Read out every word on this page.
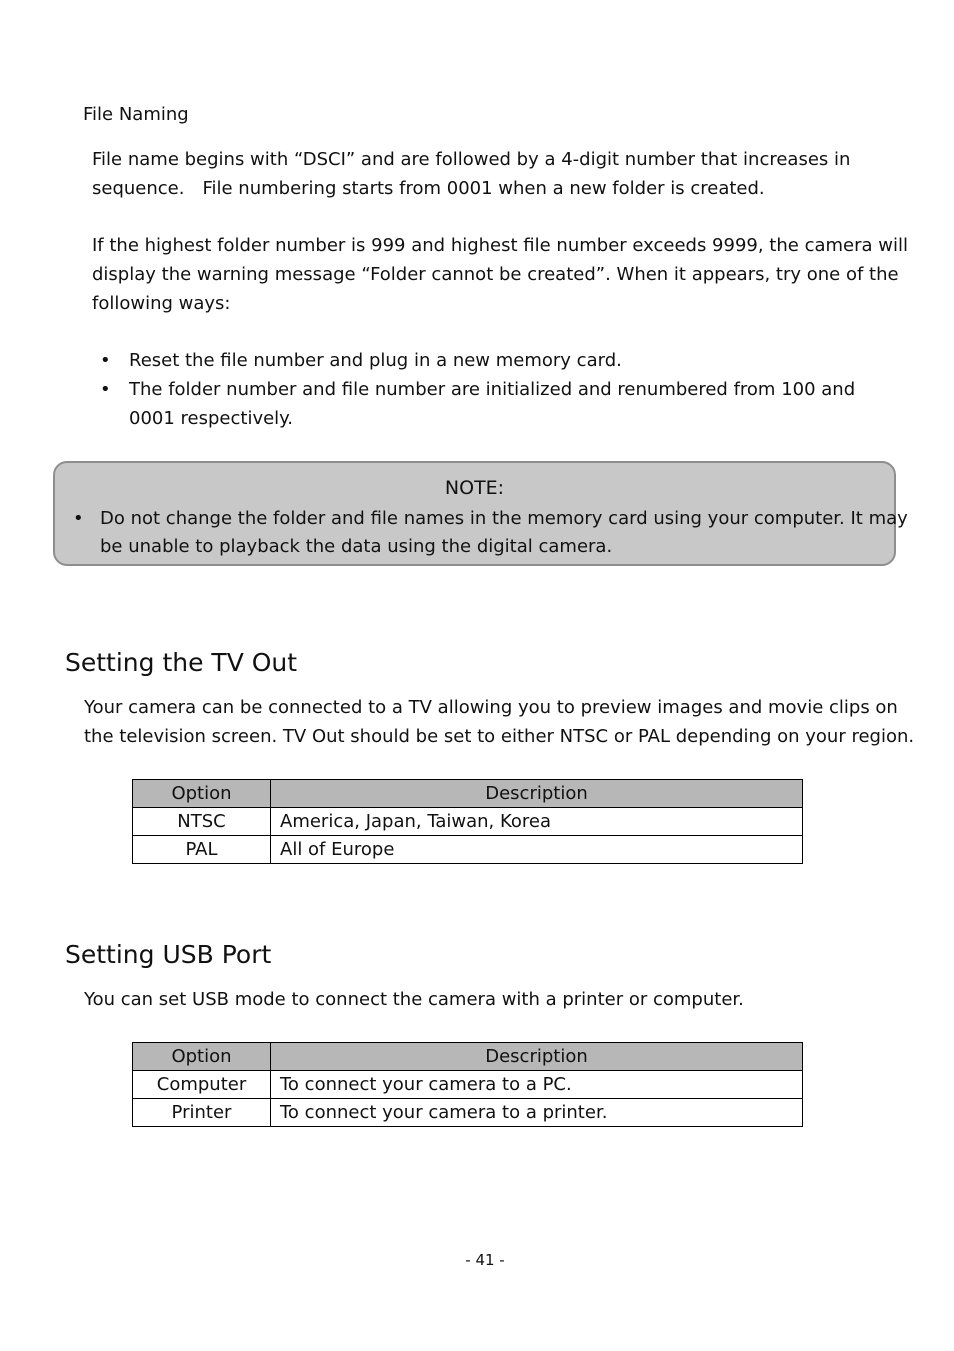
File Naming

File name begins with “DSCI” and are followed by a 4-digit number that increases in sequence. File numbering starts from 0001 when a new folder is created.

If the highest folder number is 999 and highest file number exceeds 9999, the camera will display the warning message “Folder cannot be created”. When it appears, try one of the following ways:

• Reset the file number and plug in a new memory card.
• The folder number and file number are initialized and renumbered from 100 and 0001 respectively.
NOTE:
• Do not change the folder and file names in the memory card using your computer. It may be unable to playback the data using the digital camera.
Setting the TV Out

Your camera can be connected to a TV allowing you to preview images and movie clips on the television screen. TV Out should be set to either NTSC or PAL depending on your region.

Option	Description
NTSC	America, Japan, Taiwan, Korea
PAL	All of Europe
Setting USB Port

You can set USB mode to connect the camera with a printer or computer.

Option	Description
Computer	To connect your camera to a PC.
Printer	To connect your camera to a printer.
- 41 -
